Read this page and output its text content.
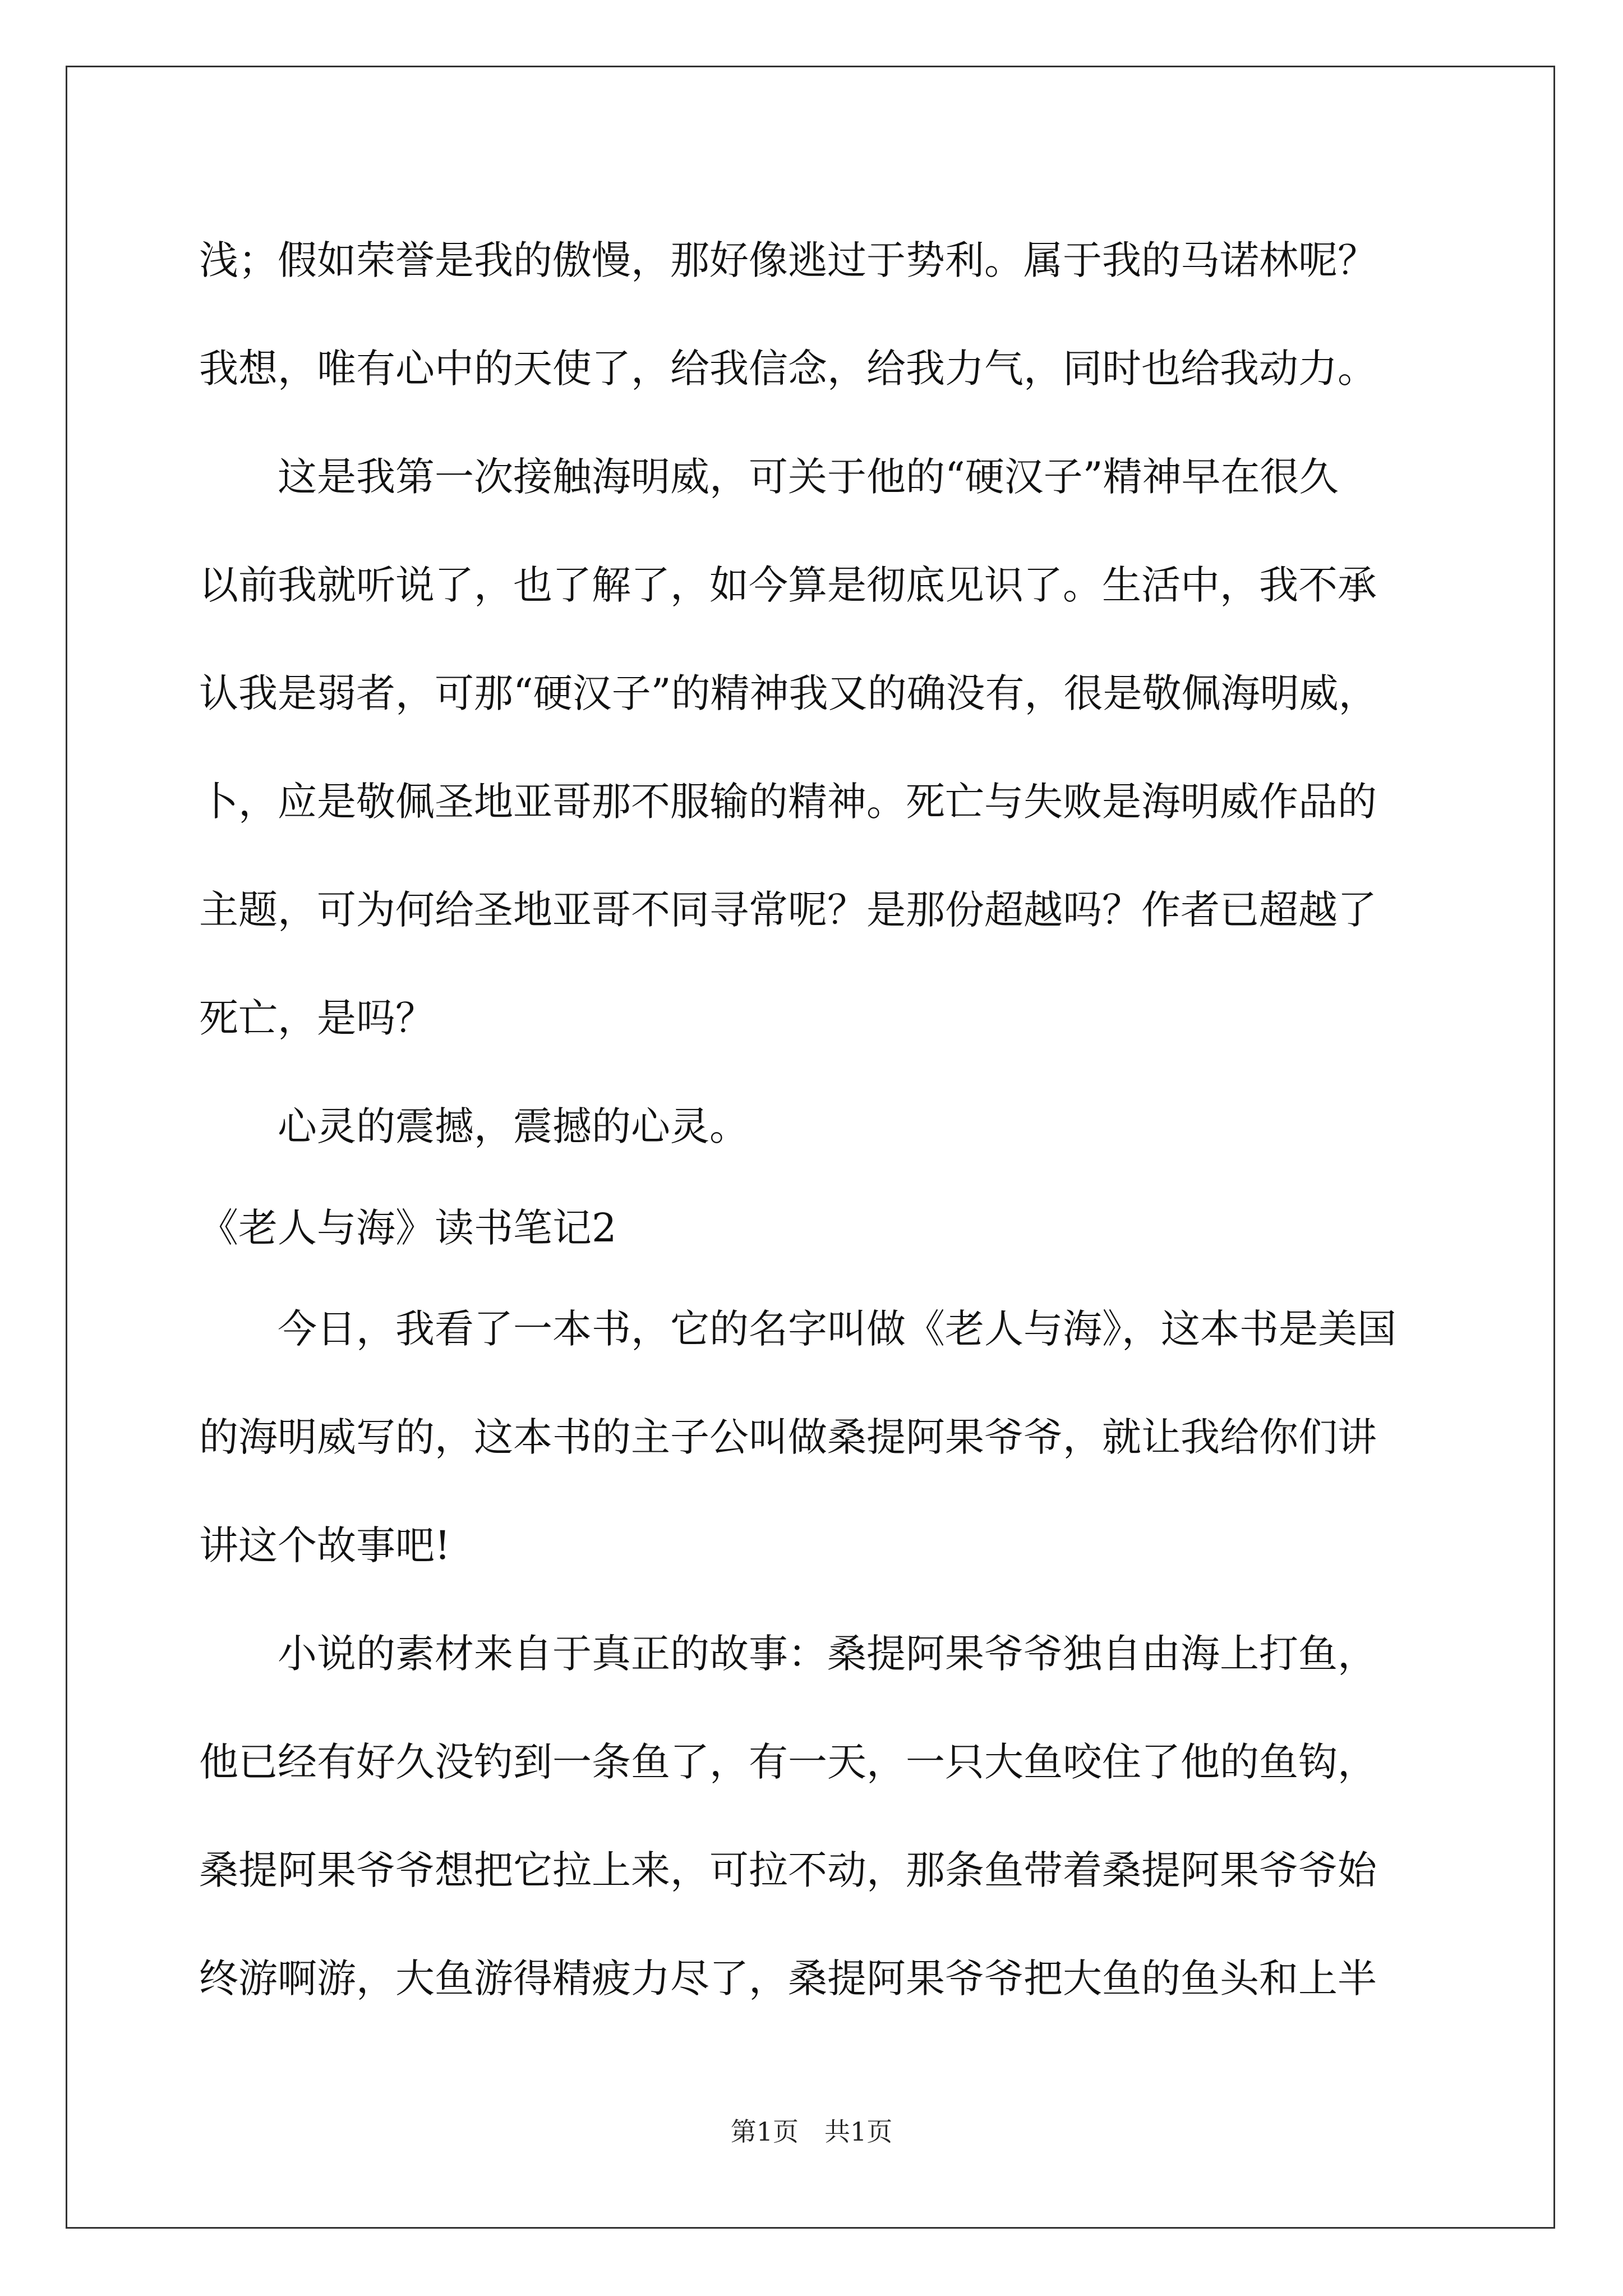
浅；假如荣誉是我的傲慢，那好像逃过于势利。属于我的马诺林呢？
我想，唯有心中的天使了，给我信念，给我力气，同时也给我动力。
　　这是我第一次接触海明威，可关于他的“硬汉子”精神早在很久
以前我就听说了，也了解了，如今算是彻底见识了。生活中，我不承
认我是弱者，可那“硬汉子”的精神我又的确没有，很是敬佩海明威，
卜，应是敬佩圣地亚哥那不服输的精神。死亡与失败是海明威作品的
主题，可为何给圣地亚哥不同寻常呢？是那份超越吗？作者已超越了
死亡，是吗？
　　心灵的震撼，震撼的心灵。
《老人与海》读书笔记2
　　今日，我看了一本书，它的名字叫做《老人与海》，这本书是美国
的海明威写的，这本书的主子公叫做桑提阿果爷爷，就让我给你们讲
讲这个故事吧!
　　小说的素材来自于真正的故事：桑提阿果爷爷独自由海上打鱼，
他已经有好久没钓到一条鱼了，有一天，一只大鱼咬住了他的鱼钩，
桑提阿果爷爷想把它拉上来，可拉不动，那条鱼带着桑提阿果爷爷始
终游啊游，大鱼游得精疲力尽了，桑提阿果爷爷把大鱼的鱼头和上半
第1页　共1页
